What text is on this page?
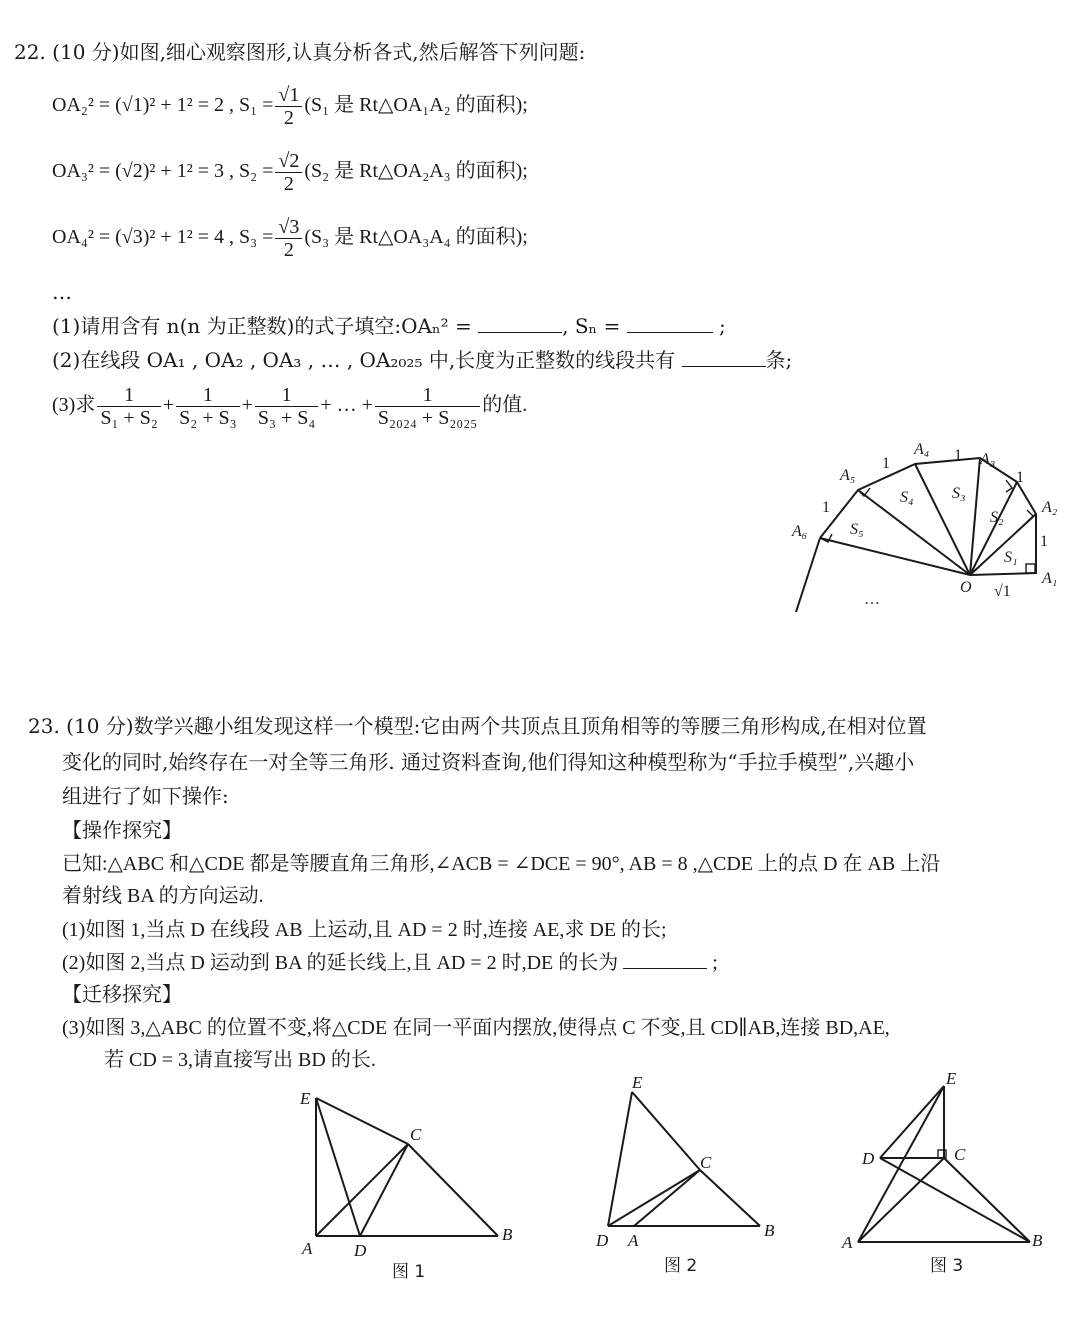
22. (10 分)如图,细心观察图形,认真分析各式,然后解答下列问题:
OA₂² = (√1)² + 1² = 2 , $S_1 = \frac{√1}{2} (S_1$ 是 Rt△OA₁A₂ 的面积);
OA₃² = (√2)² + 1² = 3 , $S_2 = \frac{√2}{2} (S_2$ 是 Rt△OA₂A₃ 的面积);
OA₄² = (√3)² + 1² = 4 , $S_3 = \frac{√3}{2} (S_3$ 是 Rt△OA₃A₄ 的面积);
…
(1)请用含有 n(n 为正整数)的式子填空:OAₙ² =	, Sₙ =	;
(2)在线段 OA₁ , OA₂ , OA₃ , … , OA₂₀₂₅ 中,长度为正整数的线段共有	条;
(3)求 $\frac{1}{\text{S₁ + S₂}} + \frac{1}{\text{S₂ + S₃}} + \frac{1}{\text{S₃ + S₄}}$ + … + $\frac{1}{\text{S₂₀₂₄ + S₂₀₂₅}}$ 的值.
A₁
A₂
A₃
A₄
A₅
A₆
O
S₁
S₂
S₃
S₄
S₅
1
1
1
1
1
√1
…
23. (10 分)数学兴趣小组发现这样一个模型:它由两个共顶点且顶角相等的等腰三角形构成,在相对位置
变化的同时,始终存在一对全等三角形. 通过资料查询,他们得知这种模型称为“手拉手模型”,兴趣小
组进行了如下操作:
【操作探究】
已知:△ABC 和△CDE 都是等腰直角三角形,∠ACB = ∠DCE = 90°, AB = 8 ,△CDE 上的点 D 在 AB 上沿
着射线 BA 的方向运动.
(1)如图 1,当点 D 在线段 AB 上运动,且 AD = 2 时,连接 AE,求 DE 的长;
(2)如图 2,当点 D 运动到 BA 的延长线上,且 AD = 2 时,DE 的长为	;
【迁移探究】
(3)如图 3,△ABC 的位置不变,将△CDE 在同一平面内摆放,使得点 C 不变,且 CD∥AB,连接 BD,AE,
若 CD = 3,请直接写出 BD 的长.
E
C
A D
B
图 1
E
C
D A
B
图 2
E
D	C
A	B
图 3
